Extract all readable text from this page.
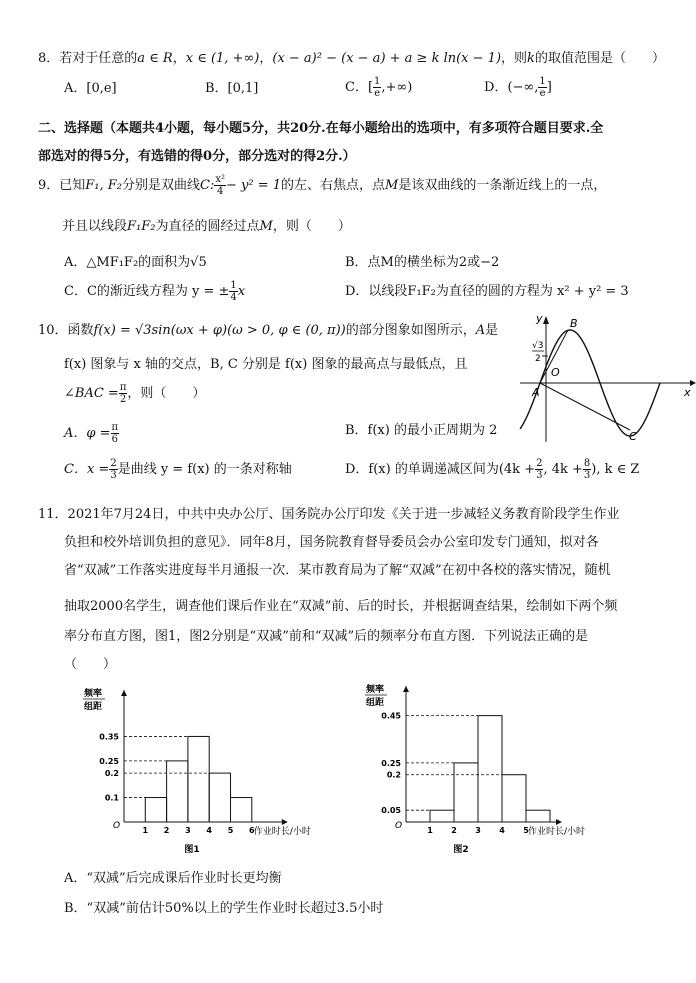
8．若对于任意的a ∈ R，x ∈ (1, +∞)，(x − a)² − (x − a) + a ≥ k ln(x − 1)，则k的取值范围是（　　）
A．[0,e]	B．[0,1]	C．[ $\frac{1}{e}$ ,+∞)	D．(−∞, $\frac{1}{e}$ ]
二、选择题（本题共4小题，每小题5分，共20分.在每小题给出的选项中，有多项符合题目要求.全
部选对的得5分，有选错的得0分，部分选对的得2分.）
9．已知F₁, F₂分别是双曲线C: $\frac{\text{x²}}{4} - y^2 = 1$的左、右焦点，点M是该双曲线的一条渐近线上的一点，
并且以线段F₁F₂为直径的圆经过点M，则（　　）
A．△MF₁F₂的面积为√5	B．点M的横坐标为2或−2
C．C的渐近线方程为 y = ± $\frac{1}{4}$ x	D．以线段F₁F₂为直径的圆的方程为 x² + y² = 3
10．函数f(x) = √3sin(ωx + φ)(ω > 0, φ ∈ (0, π))的部分图象如图所示，A是
f(x) 图象与 x 轴的交点，B, C 分别是 f(x) 图象的最高点与最低点，且
∠BAC = $\frac{\pi}{2}$ ，则（　　）
A．$\varphi = \frac{\pi}{6}$	B．f(x) 的最小正周期为 2
C．$x = \frac{2}{3}$ 是曲线 y = f(x) 的一条对称轴	D．f(x) 的单调递减区间为($4k + \frac{2}{3}$ , $4k + \frac{8}{3}$ ), k ∈ Z
√3
2
y
x
O
A
B
C
11．2021年7月24日，中共中央办公厅、国务院办公厅印发《关于进一步减轻义务教育阶段学生作业
负担和校外培训负担的意见》．同年8月，国务院教育督导委员会办公室印发专门通知，拟对各
省“双减”工作落实进度每半月通报一次．某市教育局为了解“双减”在初中各校的落实情况，随机
抽取2000名学生，调查他们课后作业在“双减”前、后的时长，并根据调查结果，绘制如下两个频
率分布直方图，图1，图2分别是“双减”前和“双减”后的频率分布直方图．下列说法正确的是
（　　）
频率
组距
O
0.1
0.2
0.25
0.35
1 2 3 4 5 6 作业时长/小时
图1
频率
组距
O
0.05
0.2
0.25
0.45
1 2 3 4 5 作业时长/小时
图2
A．“双减”后完成课后作业时长更均衡
B．“双减”前估计50%以上的学生作业时长超过3.5小时
